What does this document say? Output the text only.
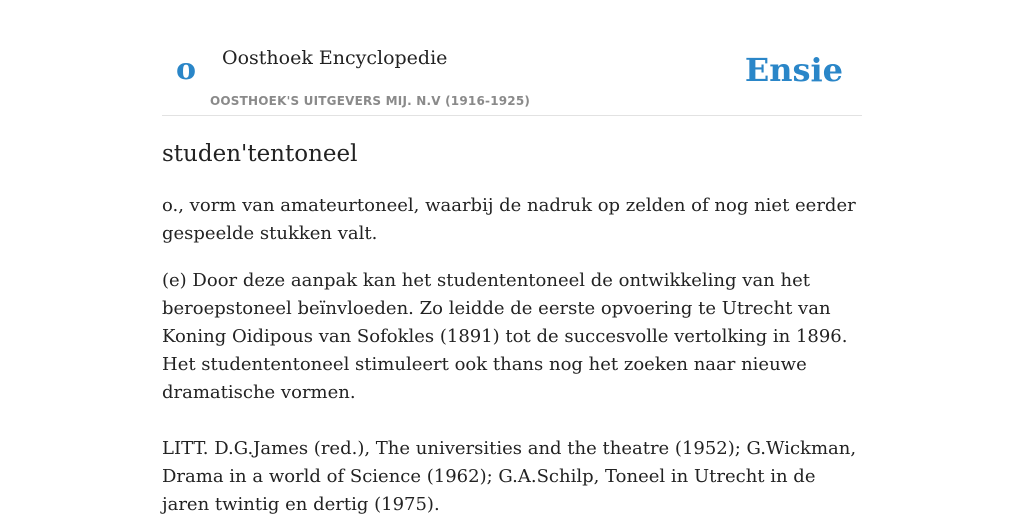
o Oosthoek Encyclopedie
OOSTHOEK'S UITGEVERS MIJ. N.V (1916-1925)
Ensie
studen'tentoneel

o., vorm van amateurtoneel, waarbij de nadruk op zelden of nog niet eerder gespeelde stukken valt.

(e) Door deze aanpak kan het studententoneel de ontwikkeling van het beroepstoneel beïnvloeden. Zo leidde de eerste opvoering te Utrecht van Koning Oidipous van Sofokles (1891) tot de succesvolle vertolking in 1896. Het studententoneel stimuleert ook thans nog het zoeken naar nieuwe dramatische vormen.

LITT. D.G.James (red.), The universities and the theatre (1952); G.Wickman, Drama in a world of Science (1962); G.A.Schilp, Toneel in Utrecht in de jaren twintig en dertig (1975).
